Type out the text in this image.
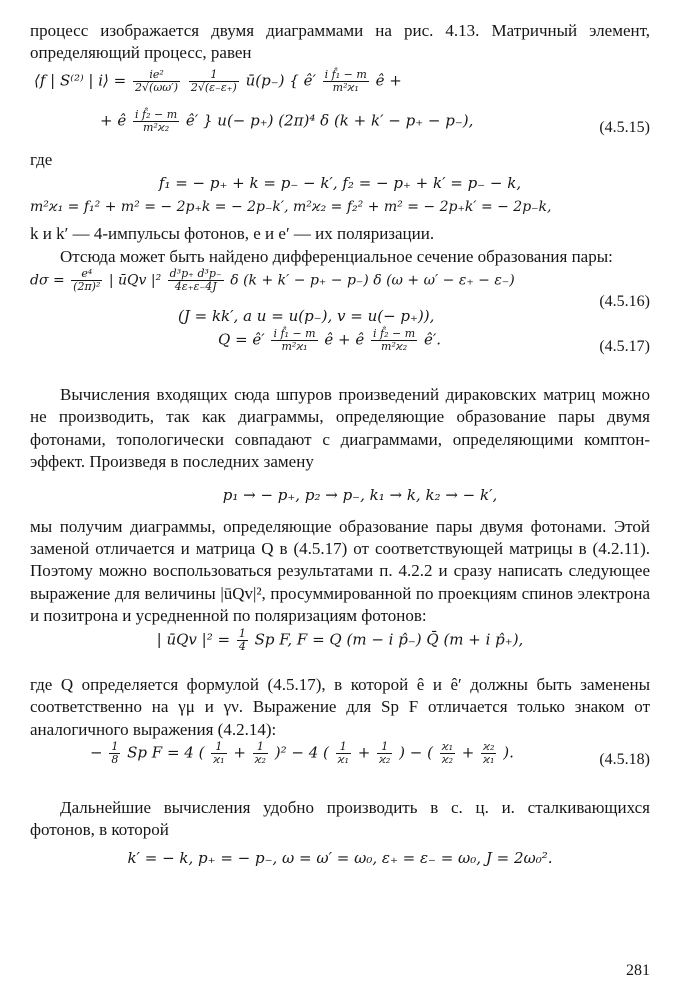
процесс изображается двумя диаграммами на рис. 4.13. Матричный элемент, определяющий процесс, равен

⟨f | S⁽²⁾ | i⟩ = $\frac{\text{ie²}}{2√(\omega\omega')}$
$\frac{1}{2√(\varepsilon_-\varepsilon_+)}$ ū(p₋) { ê′ $\frac{\text{i f̂₁ − m}}{\text{m²ϰ₁}}$ ê +
+ ê $\frac{\text{i f̂₂ − m}}{\text{m²ϰ₂}}$ ê′ } u(− p₊) (2π)⁴ δ (k + k′ − p₊ − p₋),	(4.5.15)

где

f₁ = − p₊ + k = p₋ − k′, f₂ = − p₊ + k′ = p₋ − k,
m²ϰ₁ = f₁² + m² = − 2p₊k = − 2p₋k′, m²ϰ₂ = f₂² + m² = − 2p₊k′ = − 2p₋k,

k и k′ — 4-импульсы фотонов, e и e′ — их поляризации.

Отсюда может быть найдено дифференциальное сечение образования пары:

$d\sigma = \frac{\text{e⁴}}{\text{(2π)²}}$ | ūQv $|^2 \frac{\text{d³p₊ d³p₋}}{4\varepsilon_+\varepsilon_-4J}$ δ (k + k′ − p₊ − p₋) δ (ω + ω′ − ε₊ − ε₋)
(J = kk′, а u = u(p₋), v = u(− p₊)),
(4.5.16)
Q = ê′ $\frac{\text{i f̂₁ − m}}{\text{m²ϰ₁}}$ ê + ê $\frac{\text{i f̂₂ − m}}{\text{m²ϰ₂}}$ ê′.	(4.5.17)

Вычисления входящих сюда шпуров произведений дираковских матриц можно не производить, так как диаграммы, определяющие образование пары двумя фотонами, топологически совпадают с диаграммами, определяющими комптон-эффект. Произведя в последних замену

p₁ → − p₊, p₂ → p₋, k₁ → k, k₂ → − k′,

мы получим диаграммы, определяющие образование пары двумя фотонами. Этой заменой отличается и матрица Q в (4.5.17) от соответствующей матрицы в (4.2.11). Поэтому можно воспользоваться результатами п. 4.2.2 и сразу написать следующее выражение для величины |ūQv|², просуммированной по проекциям спинов электрона и позитрона и усредненной по поляризациям фотонов:

| ūQv $|^2 = \frac{1}{4}$ Sp F, F = Q (m − i p̂₋) Q̄ (m + i p̂₊),

где Q определяется формулой (4.5.17), в которой ê и ê′ должны быть заменены соответственно на γμ и γν. Выражение для Sp F отличается только знаком от аналогичного выражения (4.2.14):

− $\frac{1}{8}$ Sp F = 4 ( $\frac{1}{\text{ϰ₁}} + \frac{1}{\text{ϰ₂}} )^2 - 4$ ( $\frac{1}{\text{ϰ₁}} + \frac{1}{\text{ϰ₂}}$ ) − ( $\frac{\text{ϰ₁}}{\text{ϰ₂}} + \frac{\text{ϰ₂}}{\text{ϰ₁}}$ ).	(4.5.18)

Дальнейшие вычисления удобно производить в с. ц. и. сталкивающихся фотонов, в которой

k′ = − k, p₊ = − p₋, ω = ω′ = ω₀, ε₊ = ε₋ = ω₀, J = 2ω₀².
281
